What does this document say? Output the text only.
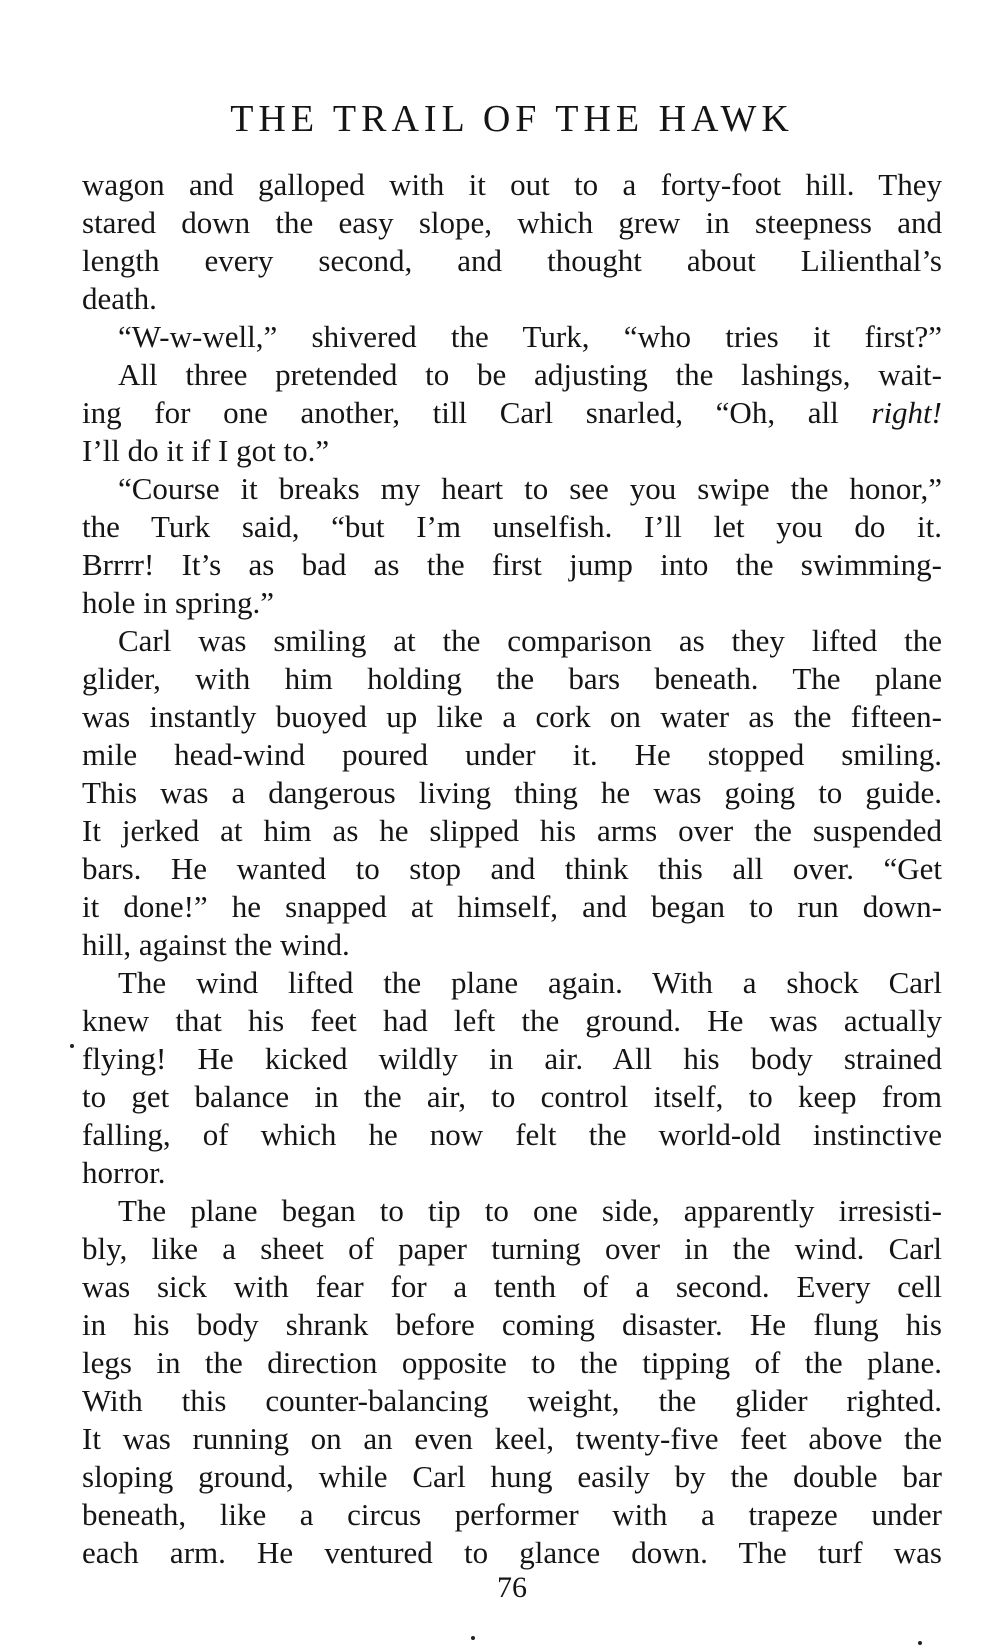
THE TRAIL OF THE HAWK

wagon and galloped with it out to a forty-foot hill. They
stared down the easy slope, which grew in steepness and
length every second, and thought about Lilienthal’s
death.

“W-w-well,” shivered the Turk, “who tries it first?”

All three pretended to be adjusting the lashings, wait-
ing for one another, till Carl snarled, “Oh, all right!
I’ll do it if I got to.”

“Course it breaks my heart to see you swipe the honor,”
the Turk said, “but I’m unselfish. I’ll let you do it.
Brrrr! It’s as bad as the first jump into the swimming-
hole in spring.”

Carl was smiling at the comparison as they lifted the
glider, with him holding the bars beneath. The plane
was instantly buoyed up like a cork on water as the fifteen-
mile head-wind poured under it. He stopped smiling.
This was a dangerous living thing he was going to guide.
It jerked at him as he slipped his arms over the suspended
bars. He wanted to stop and think this all over. “Get
it done!” he snapped at himself, and began to run down-
hill, against the wind.

The wind lifted the plane again. With a shock Carl
knew that his feet had left the ground. He was actually
flying! He kicked wildly in air. All his body strained
to get balance in the air, to control itself, to keep from
falling, of which he now felt the world-old instinctive
horror.

The plane began to tip to one side, apparently irresisti-
bly, like a sheet of paper turning over in the wind. Carl
was sick with fear for a tenth of a second. Every cell
in his body shrank before coming disaster. He flung his
legs in the direction opposite to the tipping of the plane.
With this counter-balancing weight, the glider righted.
It was running on an even keel, twenty-five feet above the
sloping ground, while Carl hung easily by the double bar
beneath, like a circus performer with a trapeze under
each arm. He ventured to glance down. The turf was

76
